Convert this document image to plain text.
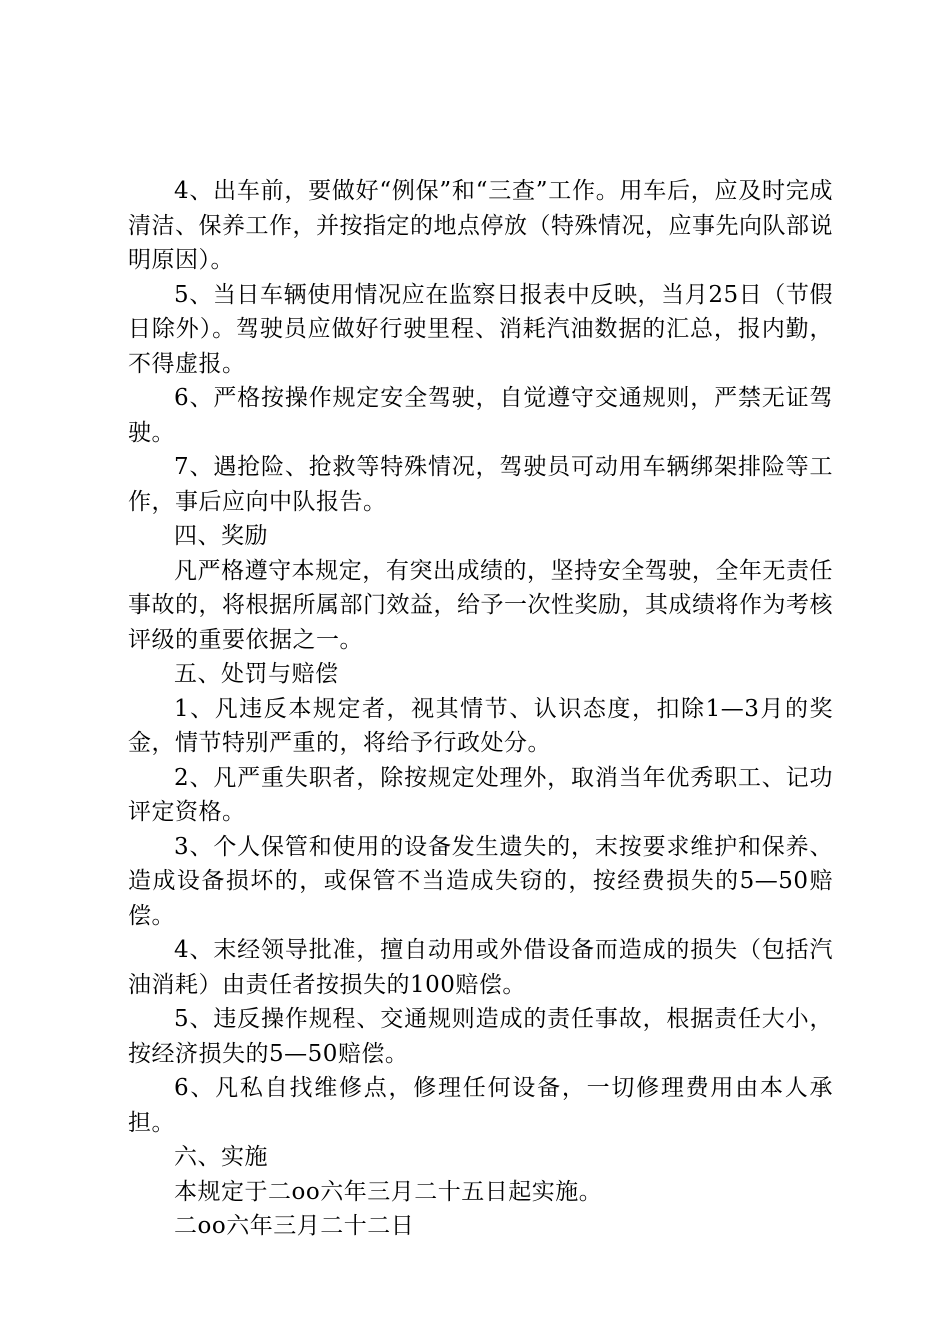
4、出车前，要做好“例保”和“三查”工作。用车后，应及时完成清洁、保养工作，并按指定的地点停放（特殊情况，应事先向队部说明原因）。

5、当日车辆使用情况应在监察日报表中反映，当月25日（节假日除外）。驾驶员应做好行驶里程、消耗汽油数据的汇总，报内勤，不得虚报。

6、严格按操作规定安全驾驶，自觉遵守交通规则，严禁无证驾驶。

7、遇抢险、抢救等特殊情况，驾驶员可动用车辆绑架排险等工作，事后应向中队报告。

四、奖励

凡严格遵守本规定，有突出成绩的，坚持安全驾驶，全年无责任事故的，将根据所属部门效益，给予一次性奖励，其成绩将作为考核评级的重要依据之一。

五、处罚与赔偿

1、凡违反本规定者，视其情节、认识态度，扣除1—3月的奖金，情节特别严重的，将给予行政处分。

2、凡严重失职者，除按规定处理外，取消当年优秀职工、记功评定资格。

3、个人保管和使用的设备发生遗失的，末按要求维护和保养、造成设备损坏的，或保管不当造成失窃的，按经费损失的5—50赔偿。

4、末经领导批准，擅自动用或外借设备而造成的损失（包括汽油消耗）由责任者按损失的100赔偿。

5、违反操作规程、交通规则造成的责任事故，根据责任大小，按经济损失的5—50赔偿。

6、凡私自找维修点，修理任何设备，一切修理费用由本人承担。

六、实施

本规定于二oo六年三月二十五日起实施。

二oo六年三月二十二日
